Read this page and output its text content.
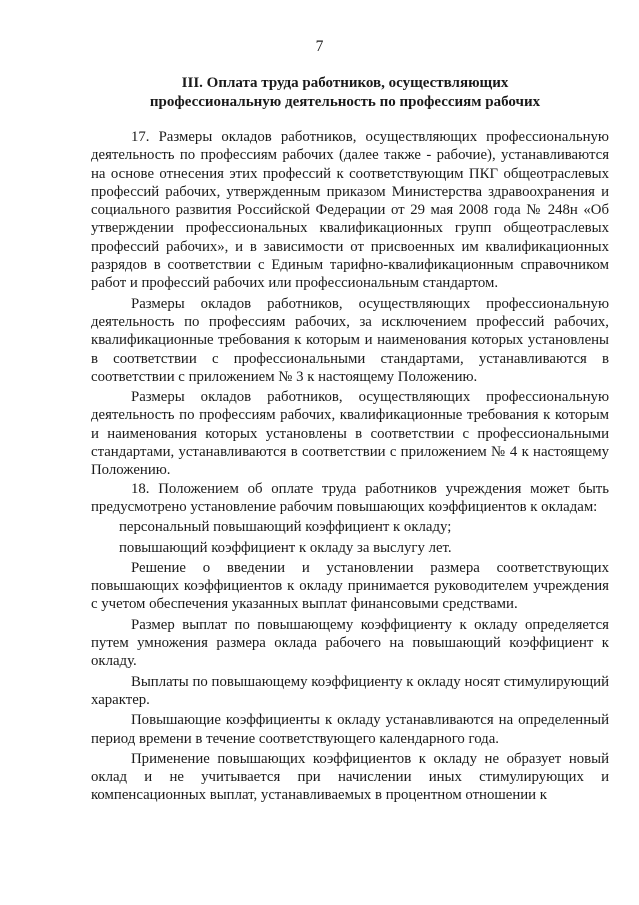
7
III. Оплата труда работников, осуществляющих
профессиональную деятельность по профессиям рабочих

17. Размеры окладов работников, осуществляющих профессиональную деятельность по профессиям рабочих (далее также - рабочие), устанавливаются на основе отнесения этих профессий к соответствующим ПКГ общеотраслевых профессий рабочих, утвержденным приказом Министерства здравоохранения и социального развития Российской Федерации от 29 мая 2008 года № 248н «Об утверждении профессиональных квалификационных групп общеотраслевых профессий рабочих», и в зависимости от присвоенных им квалификационных разрядов в соответствии с Единым тарифно-квалификационным справочником работ и профессий рабочих или профессиональным стандартом.

Размеры окладов работников, осуществляющих профессиональную деятельность по профессиям рабочих, за исключением профессий рабочих, квалификационные требования к которым и наименования которых установлены в соответствии с профессиональными стандартами, устанавливаются в соответствии с приложением № 3 к настоящему Положению.

Размеры окладов работников, осуществляющих профессиональную деятельность по профессиям рабочих, квалификационные требования к которым и наименования которых установлены в соответствии с профессиональными стандартами, устанавливаются в соответствии с приложением № 4 к настоящему Положению.

18. Положением об оплате труда работников учреждения может быть предусмотрено установление рабочим повышающих коэффициентов к окладам:

персональный повышающий коэффициент к окладу;

повышающий коэффициент к окладу за выслугу лет.

Решение о введении и установлении размера соответствующих повышающих коэффициентов к окладу принимается руководителем учреждения с учетом обеспечения указанных выплат финансовыми средствами.

Размер выплат по повышающему коэффициенту к окладу определяется путем умножения размера оклада рабочего на повышающий коэффициент к окладу.

Выплаты по повышающему коэффициенту к окладу носят стимулирующий характер.

Повышающие коэффициенты к окладу устанавливаются на определенный период времени в течение соответствующего календарного года.

Применение повышающих коэффициентов к окладу не образует новый оклад и не учитывается при начислении иных стимулирующих и компенсационных выплат, устанавливаемых в процентном отношении к
